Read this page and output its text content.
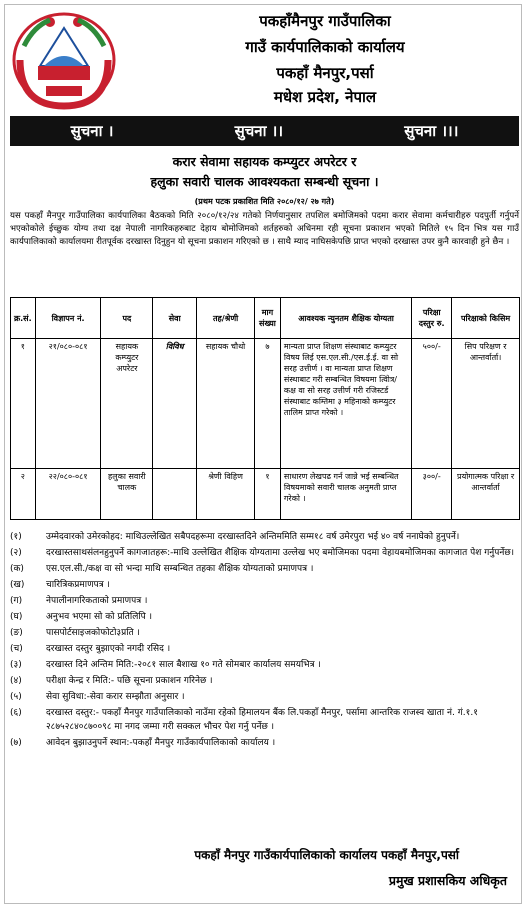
पकहाँमैनपुर गाउँपालिका
गाउँ कार्यपालिकाको कार्यालय
पकहाँ मैनपुर,पर्सा
मधेश प्रदेश, नेपाल
सुचना ।	सुचना ।।	सुचना ।।।
करार सेवामा सहायक कम्प्युटर अपरेटर र
हलुका सवारी चालक आवश्यकता सम्बन्धी सूचना ।
(प्रथम पटक प्रकाशित मिति २०८०/१२/ २७ गते)
यस पकहाँ मैनपुर गाउँपालिका कार्यपालिका बैठकको मिति २०८०/१२/२४ गतेको निर्णयानुसार तपशिल बमोजिमको पदमा करार सेवामा कर्मचारीहरु पदपुर्ती गर्नुपर्ने भएकोकोले ईच्छुक योग्य तथा दक्ष नेपाली नागरिकहरुबाट देहाय बोमोजिमको शर्तहरुको अधिनमा रही सूचना प्रकाशन भएको मितिले १५ दिन भित्र यस गाउँ कार्यपालिकाको कार्यालयमा रीतपूर्वक दरखास्त दिनुहुन यो सूचना प्रकाशन गरिएको छ । साथै म्याद नाघिसकेपछि प्राप्त भएको दरखास्त उपर कुनै कारवाही हुने छैन ।
क्र.सं.	विज्ञापन नं.	पद	सेवा	तह/श्रेणी	माग संख्या	आवश्यक न्युनतम शैक्षिक योग्यता	परिक्षा दस्तुर रु.	परिक्षाको किसिम
१	२१/०८०-०८१	सहायक कम्प्युटर अपरेटर	विविध	सहायक चौथो	७	मान्यता प्राप्त शिक्षण संस्थाबाट कम्प्युटर विषय लिई एस.एल.सी./एस.ई.ई. वा सो सरह उत्तीर्ण । वा मान्यता प्राप्त शिक्षण संस्थाबाट गरी सम्बन्धित विषयमा त्विोत्र/ कक्ष वा सो सरह उत्तीर्ण गरी रजिस्टर्ड संस्थाबाट कम्तिमा ३ महिनाको कम्प्युटर तालिम प्राप्त गरेको ।	५००/-	सिप परिक्षण र आन्तर्वार्ता।
२	२२/०८०-०८१	हलुका सवारी चालक		श्रेणी विहिण	१	साधारण लेखपढ गर्न जान्ने भई सम्बन्धित विषयमाको सवारी चालक अनुमती प्राप्त गरेको ।	३००/-	प्रयोगात्मक परिक्षा र आन्तर्वार्ता
(१)	उम्मेदवारको उमेरकोहद: माथिउल्लेखित सबैपदहरूमा दरखास्तदिने अन्तिममिति सम्म१८ वर्ष उमेरपुरा भई ४० वर्ष ननाघेको हुनुपर्ने।
(२)	दरखास्तसाथसंलनहुनुपर्ने कागजातहरू:-माथि उल्लेखित शैक्षिक योग्यतामा उल्लेख भए बमोजिमका पदमा वेहायबमोजिमका कागजात पेश गर्नुपर्नेछ।
(क)	एस.एल.सी./कक्ष वा सो भन्दा माथि सम्बन्धित तहका शैक्षिक योग्यताको प्रमाणपत्र ।
(ख)	चारित्रिकप्रमाणपत्र ।
(ग)	नेपालीनागरिकताको प्रमाणपत्र ।
(घ)	अनुभव भएमा सो को प्रतिलिपि ।
(ङ)	पासपोर्टसाइजकोफोटो३प्रति ।
(च)	दरखास्त दस्तुर बुझाएको नगदी रसिद ।
(३)	दरखास्त दिने अन्तिम मिति:-२०८१ साल बैशाख १० गते सोमबार कार्यालय समयभित्र ।
(४)	परीक्षा केन्द्र र मिति:- पछि सूचना प्रकाशन गरिनेछ ।
(५)	सेवा सुविधा:-सेवा करार सम्झौता अनुसार ।
(६)	दरखास्त दस्तुर:- पकहाँ मैनपुर गाउँपालिकाको नाउँमा रहेको हिमालयन बैंक लि.पकहाँ मैनपुर, पर्सामा आन्तरिक राजस्व खाता नं. गं.१.१ २८७५२८४०८७००९८ मा नगद जम्मा गरी सक्कल भौचर पेश गर्नु पर्नेछ ।
(७)	आवेदन बुझाउनुपर्ने स्थान:-पकहाँ मैनपुर गाउँकार्यपालिकाको कार्यालय ।
पकहाँ मैनपुर गाउँकार्यपालिकाको कार्यालय पकहाँ मैनपुर,पर्सा
प्रमुख प्रशासकिय अधिकृत
